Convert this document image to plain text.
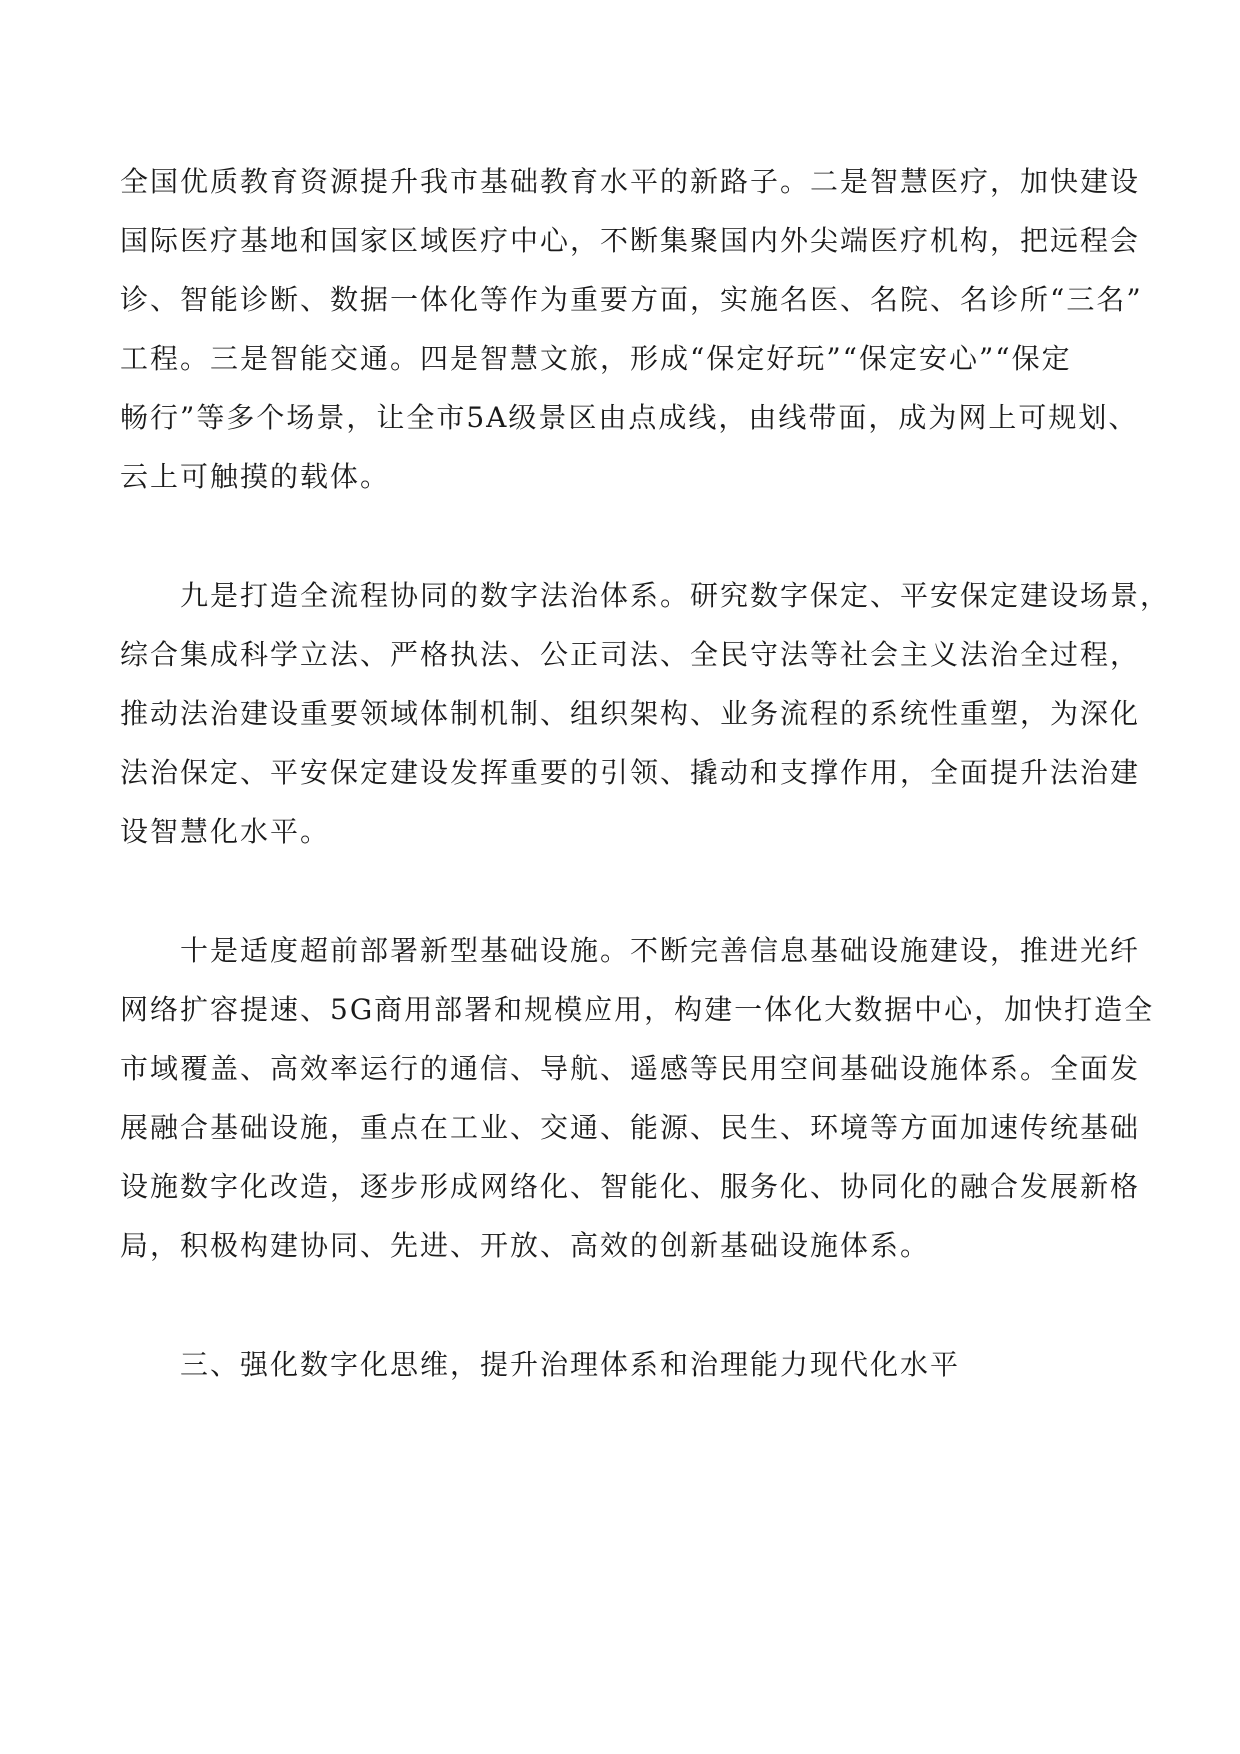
全国优质教育资源提升我市基础教育水平的新路子。二是智慧医疗，加快建设
国际医疗基地和国家区域医疗中心，不断集聚国内外尖端医疗机构，把远程会
诊、智能诊断、数据一体化等作为重要方面，实施名医、名院、名诊所“三名”
工程。三是智能交通。四是智慧文旅，形成“保定好玩”“保定安心”“保定
畅行”等多个场景，让全市5A级景区由点成线，由线带面，成为网上可规划、
云上可触摸的载体。
九是打造全流程协同的数字法治体系。研究数字保定、平安保定建设场景，
综合集成科学立法、严格执法、公正司法、全民守法等社会主义法治全过程，
推动法治建设重要领域体制机制、组织架构、业务流程的系统性重塑，为深化
法治保定、平安保定建设发挥重要的引领、撬动和支撑作用，全面提升法治建
设智慧化水平。
十是适度超前部署新型基础设施。不断完善信息基础设施建设，推进光纤
网络扩容提速、5G商用部署和规模应用，构建一体化大数据中心，加快打造全
市域覆盖、高效率运行的通信、导航、遥感等民用空间基础设施体系。全面发
展融合基础设施，重点在工业、交通、能源、民生、环境等方面加速传统基础
设施数字化改造，逐步形成网络化、智能化、服务化、协同化的融合发展新格
局，积极构建协同、先进、开放、高效的创新基础设施体系。
三、强化数字化思维，提升治理体系和治理能力现代化水平
